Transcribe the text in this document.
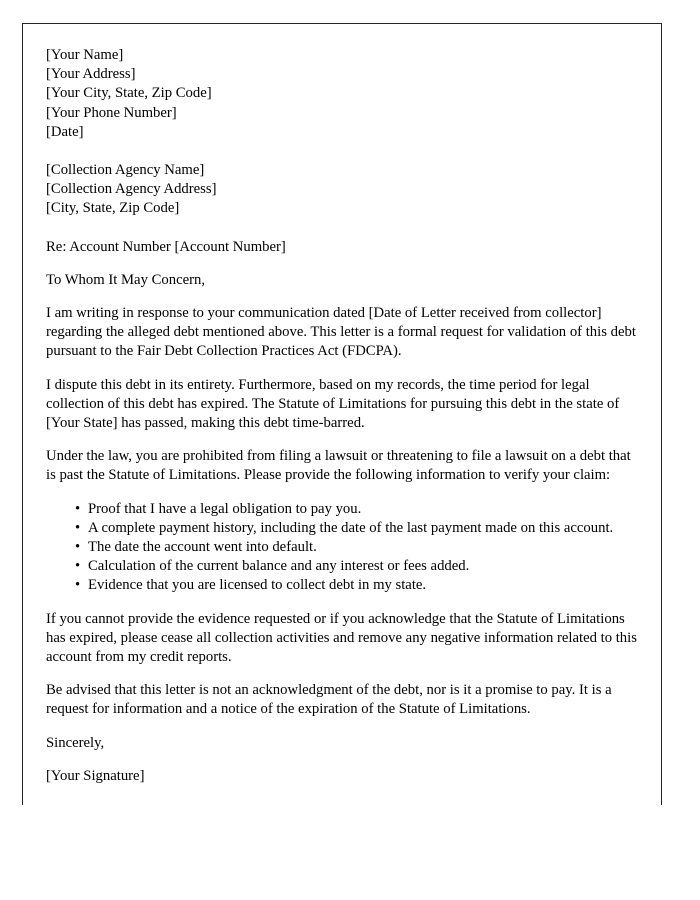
[Your Name]
[Your Address]
[Your City, State, Zip Code]
[Your Phone Number]
[Date]
[Collection Agency Name]
[Collection Agency Address]
[City, State, Zip Code]

Re: Account Number [Account Number]

To Whom It May Concern,

I am writing in response to your communication dated [Date of Letter received from collector] regarding the alleged debt mentioned above. This letter is a formal request for validation of this debt pursuant to the Fair Debt Collection Practices Act (FDCPA).

I dispute this debt in its entirety. Furthermore, based on my records, the time period for legal collection of this debt has expired. The Statute of Limitations for pursuing this debt in the state of [Your State] has passed, making this debt time-barred.

Under the law, you are prohibited from filing a lawsuit or threatening to file a lawsuit on a debt that is past the Statute of Limitations. Please provide the following information to verify your claim:

• Proof that I have a legal obligation to pay you.
• A complete payment history, including the date of the last payment made on this account.
• The date the account went into default.
• Calculation of the current balance and any interest or fees added.
• Evidence that you are licensed to collect debt in my state.

If you cannot provide the evidence requested or if you acknowledge that the Statute of Limitations has expired, please cease all collection activities and remove any negative information related to this account from my credit reports.

Be advised that this letter is not an acknowledgment of the debt, nor is it a promise to pay. It is a request for information and a notice of the expiration of the Statute of Limitations.

Sincerely,

[Your Signature]
